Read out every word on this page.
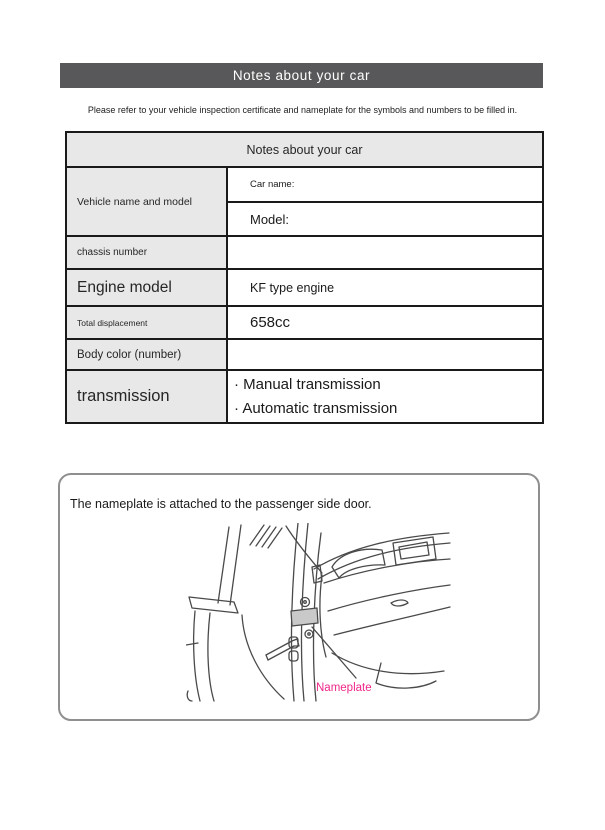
Notes about your car
Please refer to your vehicle inspection certificate and nameplate for the symbols and numbers to be filled in.
Notes about your car	
Vehicle name and model	Car name:
	Model:
chassis number	
Engine model	KF type engine
Total displacement	658cc
Body color (number)	
transmission	· Manual transmission
· Automatic transmission
The nameplate is attached to the passenger side door.
Nameplate
